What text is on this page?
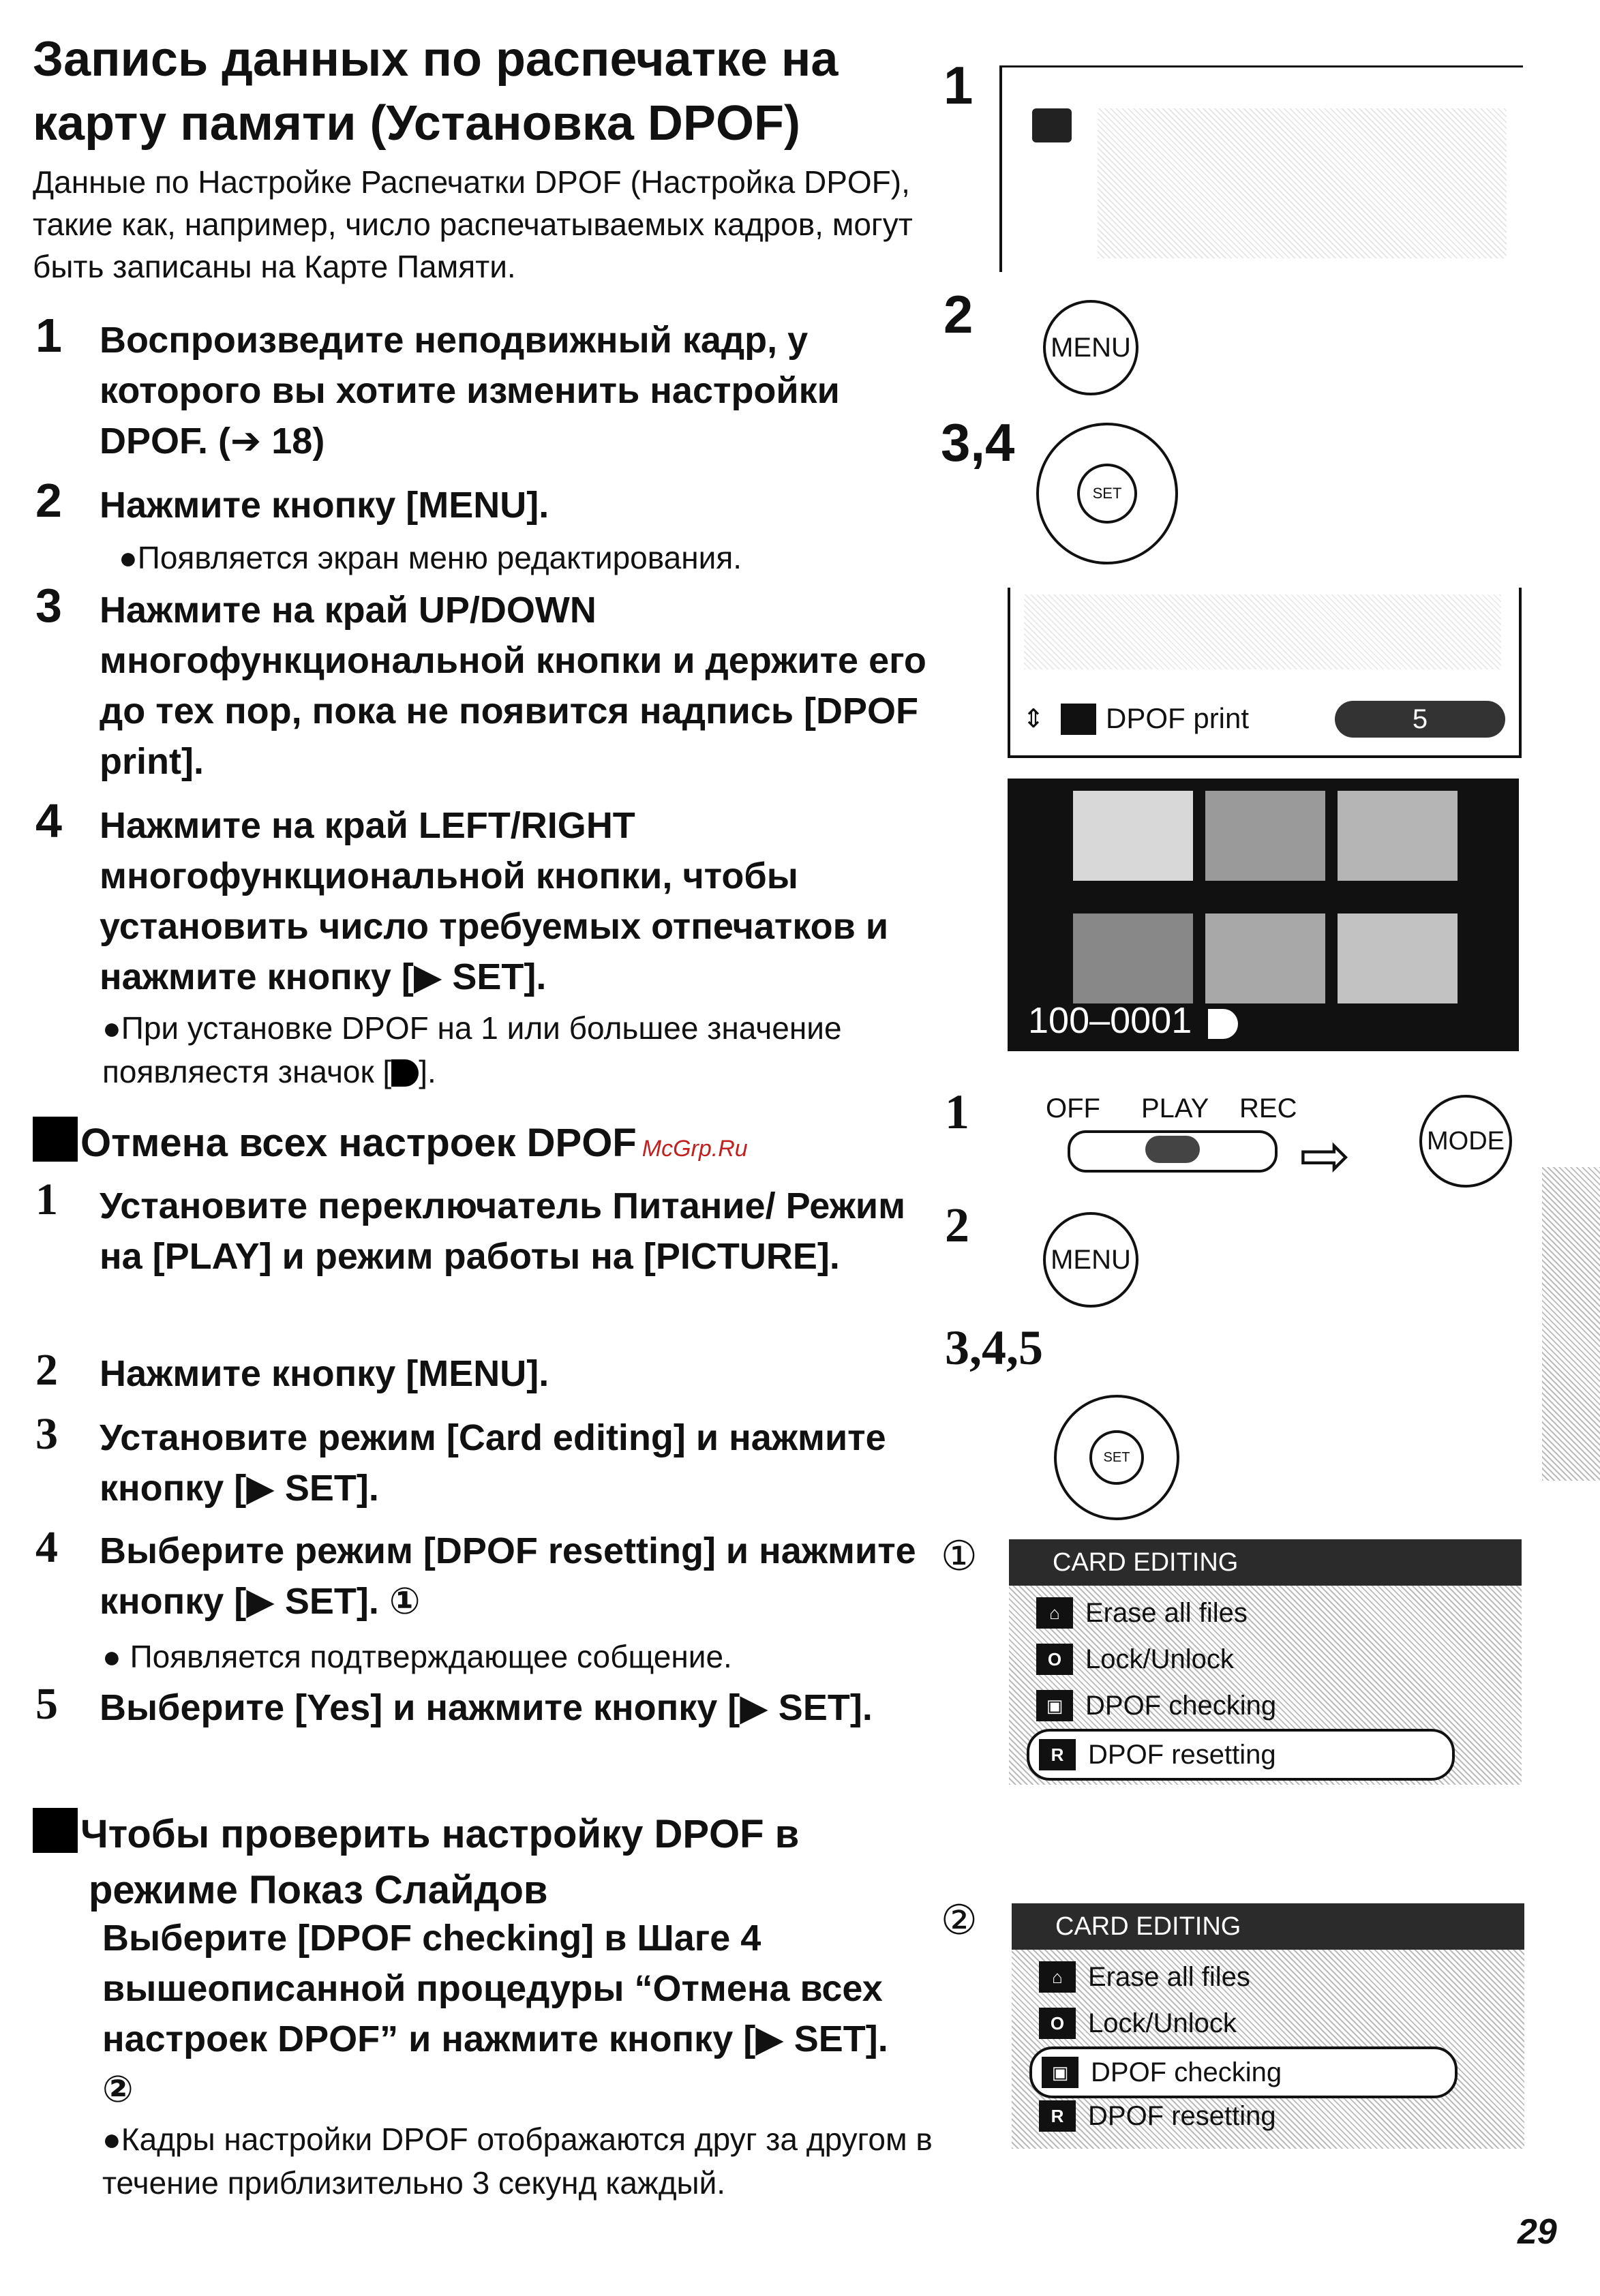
Запись данных по распечатке на карту памяти (Установка DPOF)
Данные по Настройке Распечатки DPOF (Настройка DPOF), такие как, например, число распечатываемых кадров, могут быть записаны на Карте Памяти.
1 Воспроизведите неподвижный кадр, у которого вы хотите изменить настройки DPOF. (➔ 18)
2 Нажмите кнопку [MENU].
●Появляется экран меню редактирования.
3 Нажмите на край UP/DOWN многофункциональной кнопки и держите его до тех пор, пока не появится надпись [DPOF print].
4 Нажмите на край LEFT/RIGHT многофункциональной кнопки, чтобы установить число требуемых отпечатков и нажмите кнопку [▶ SET].
●При установке DPOF на 1 или большее значение появляестя значок [ ].
Отмена всех настроек DPOF McGrp.Ru
1 Установите переключатель Питание/ Режим на [PLAY] и режим работы на [PICTURE].
2 Нажмите кнопку [MENU].
3 Установите режим [Card editing] и нажмите кнопку [▶ SET].
4 Выберите режим [DPOF resetting] и нажмите кнопку [▶ SET]. ①
● Появляется подтверждающее собщение.
5 Выберите [Yes] и нажмите кнопку [▶ SET].
Чтобы проверить настройку DPOF в
режиме Показ Слайдов
Выберите [DPOF checking] в Шаге 4 вышеописанной процедуры “Отмена всех настроек DPOF” и нажмите кнопку [▶ SET]. ②
●Кадры настройки DPOF отображаются друг за другом в течение приблизительно 3 секунд каждый.
1
2
MENU
3,4
SET
⇕ DPOF print	5
100–0001
1	OFF PLAY REC
⇨	MODE
2
MENU
3,4,5
SET
①	CARD EDITING
⌂ Erase all files
O Lock/Unlock
▣ DPOF checking
R DPOF resetting
②	CARD EDITING
⌂ Erase all files
O Lock/Unlock
▣ DPOF checking
R DPOF resetting
29
